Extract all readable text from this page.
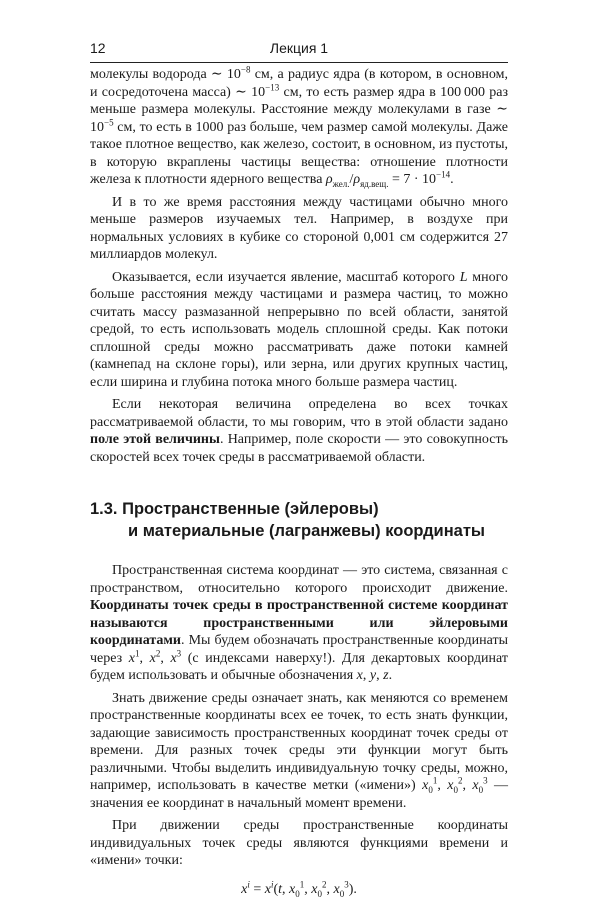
12	Лекция 1

молекулы водорода ∼ $10^{-8}$ см, а радиус ядра (в котором, в основном, и сосредоточена масса) ∼ $10^{-13}$ см, то есть размер ядра в 100 000 раз меньше размера молекулы. Расстояние между молекулами в газе ∼ $10^{-5}$ см, то есть в 1000 раз больше, чем размер самой молекулы. Даже такое плотное вещество, как железо, состоит, в основном, из пустоты, в которую вкраплены частицы вещества: отношение плотности железа к плотности ядерного вещества $\rho_{жел.}/\rho_{яд.вещ.} = 7 \cdot 10^{-14}$.

И в то же время расстояния между частицами обычно много меньше размеров изучаемых тел. Например, в воздухе при нормальных условиях в кубике со стороной 0,001 см содержится 27 миллиардов молекул.

Оказывается, если изучается явление, масштаб которого L много больше расстояния между частицами и размера частиц, то можно считать массу размазанной непрерывно по всей области, занятой средой, то есть использовать модель сплошной среды. Как потоки сплошной среды можно рассматривать даже потоки камней (камнепад на склоне горы), или зерна, или других крупных частиц, если ширина и глубина потока много больше размера частиц.

Если некоторая величина определена во всех точках рассматриваемой области, то мы говорим, что в этой области задано поле этой величины. Например, поле скорости — это совокупность скоростей всех точек среды в рассматриваемой области.

1.3. Пространственные (эйлеровы)
и материальные (лагранжевы) координаты

Пространственная система координат — это система, связанная с пространством, относительно которого происходит движение. Координаты точек среды в пространственной системе координат называются пространственными или эйлеровыми координатами. Мы будем обозначать пространственные координаты через $x^1$, $x^2$, $x^3$ (с индексами наверху!). Для декартовых координат будем использовать и обычные обозначения x, y, z.

Знать движение среды означает знать, как меняются со временем пространственные координаты всех ее точек, то есть знать функции, задающие зависимость пространственных координат точек среды от времени. Для разных точек среды эти функции могут быть различными. Чтобы выделить индивидуальную точку среды, можно, например, использовать в качестве метки («имени») $x_0^1$, $x_0^2$, $x_0^3$ — значения ее координат в начальный момент времени.

При движении среды пространственные координаты индивидуальных точек среды являются функциями времени и «имени» точки:

$x^i = x^i(t$, $x_0^1$, $x_0^2$, $x_0^3$).
